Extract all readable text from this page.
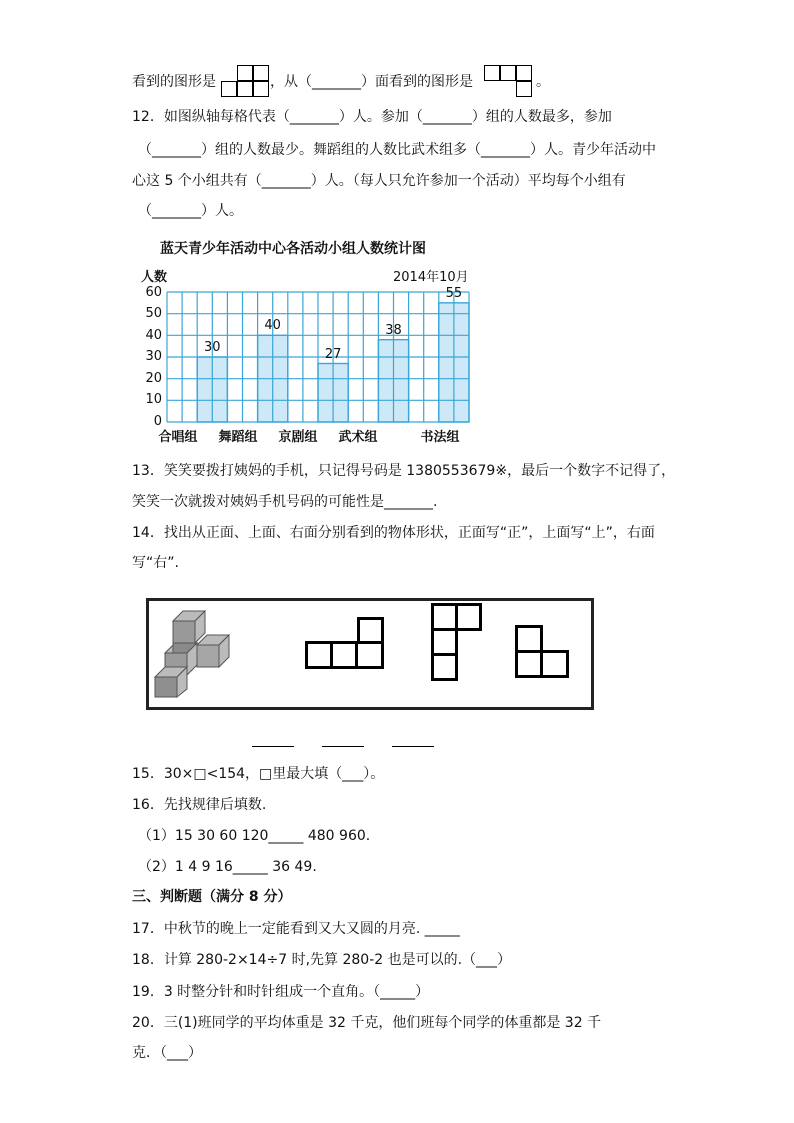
看到的图形是	，从（_______）面看到的图形是	。
12．如图纵轴每格代表（_______）人。参加（_______）组的人数最多，参加
（_______）组的人数最少。舞蹈组的人数比武术组多（_______）人。青少年活动中
心这 5 个小组共有（_______）人。（每人只允许参加一个活动）平均每个小组有
（_______）人。
蓝天青少年活动中心各活动小组人数统计图
人数	2014年10月
0
10
20
30
40
50
60
合唱组	舞蹈组	京剧组	武术组	书法组
30
40
27
38
55
13．笑笑要拨打姨妈的手机，只记得号码是 1380553679※，最后一个数字不记得了，
笑笑一次就拨对姨妈手机号码的可能性是_______.
14．找出从正面、上面、右面分别看到的物体形状，正面写“正”，上面写“上”，右面
写“右”.
15．30×□<154，□里最大填（___）。
16．先找规律后填数.
（1）15 30 60 120_____ 480 960.
（2）1 4 9 16_____ 36 49.
三、判断题（满分 8 分）
17．中秋节的晚上一定能看到又大又圆的月亮. _____
18．计算 280-2×14÷7 时,先算 280-2 也是可以的.（___）
19．3 时整分针和时针组成一个直角。（_____）
20．三(1)班同学的平均体重是 32 千克，他们班每个同学的体重都是 32 千
克．（___）
